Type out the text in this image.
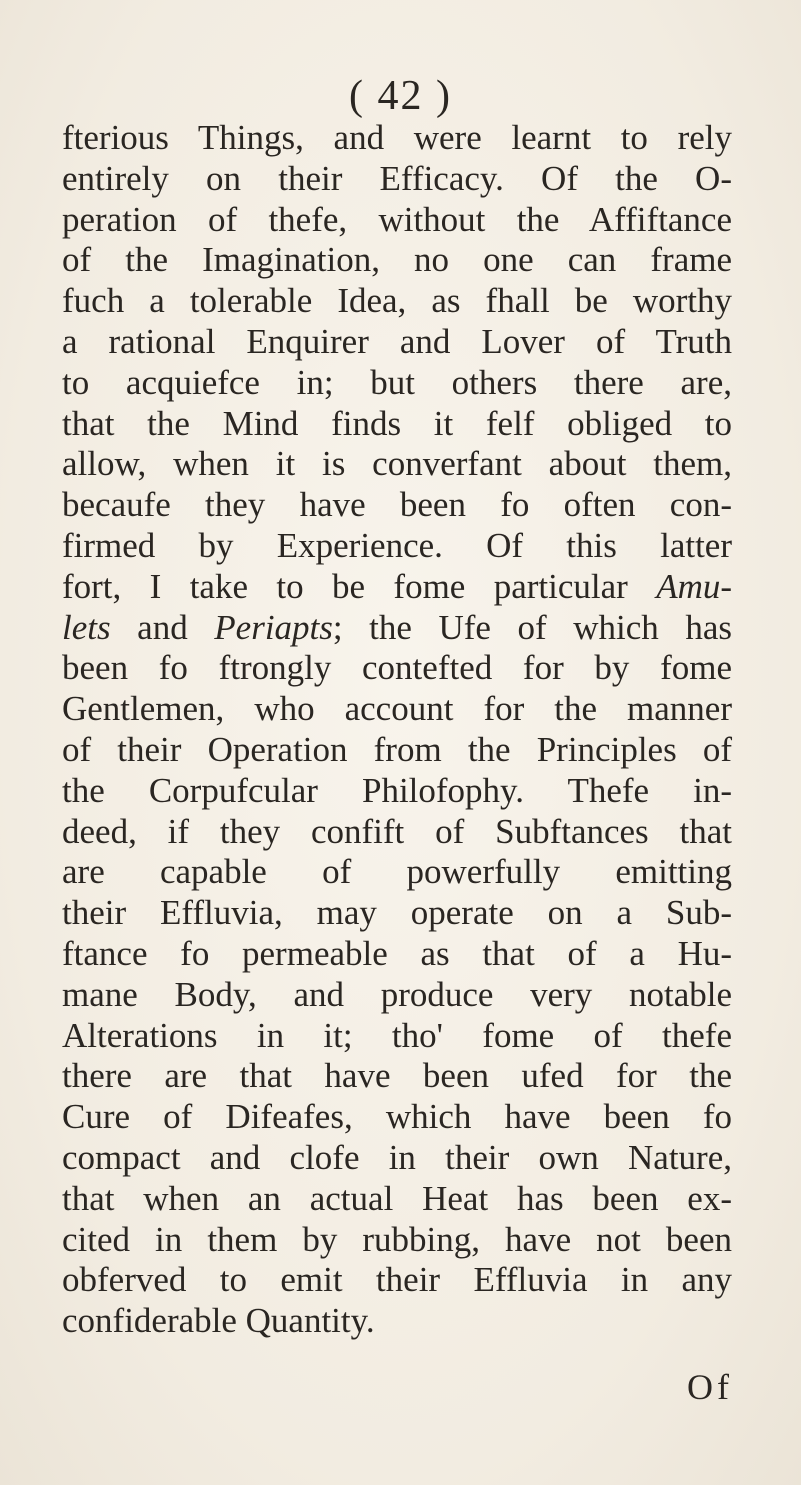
( 42 )
fterious Things, and were learnt to rely
entirely on their Efficacy. Of the O-
peration of thefe, without the Affiftance
of the Imagination, no one can frame
fuch a tolerable Idea, as fhall be worthy
a rational Enquirer and Lover of Truth
to acquiefce in; but others there are,
that the Mind finds it felf obliged to
allow, when it is converfant about them,
becaufe they have been fo often con-
firmed by Experience. Of this latter
fort, I take to be fome particular Amu-
lets and Periapts; the Ufe of which has
been fo ftrongly contefted for by fome
Gentlemen, who account for the manner
of their Operation from the Principles of
the Corpufcular Philofophy. Thefe in-
deed, if they confift of Subftances that
are capable of powerfully emitting
their Effluvia, may operate on a Sub-
ftance fo permeable as that of a Hu-
mane Body, and produce very notable
Alterations in it; tho' fome of thefe
there are that have been ufed for the
Cure of Difeafes, which have been fo
compact and clofe in their own Nature,
that when an actual Heat has been ex-
cited in them by rubbing, have not been
obferved to emit their Effluvia in any
confiderable Quantity.
Of
